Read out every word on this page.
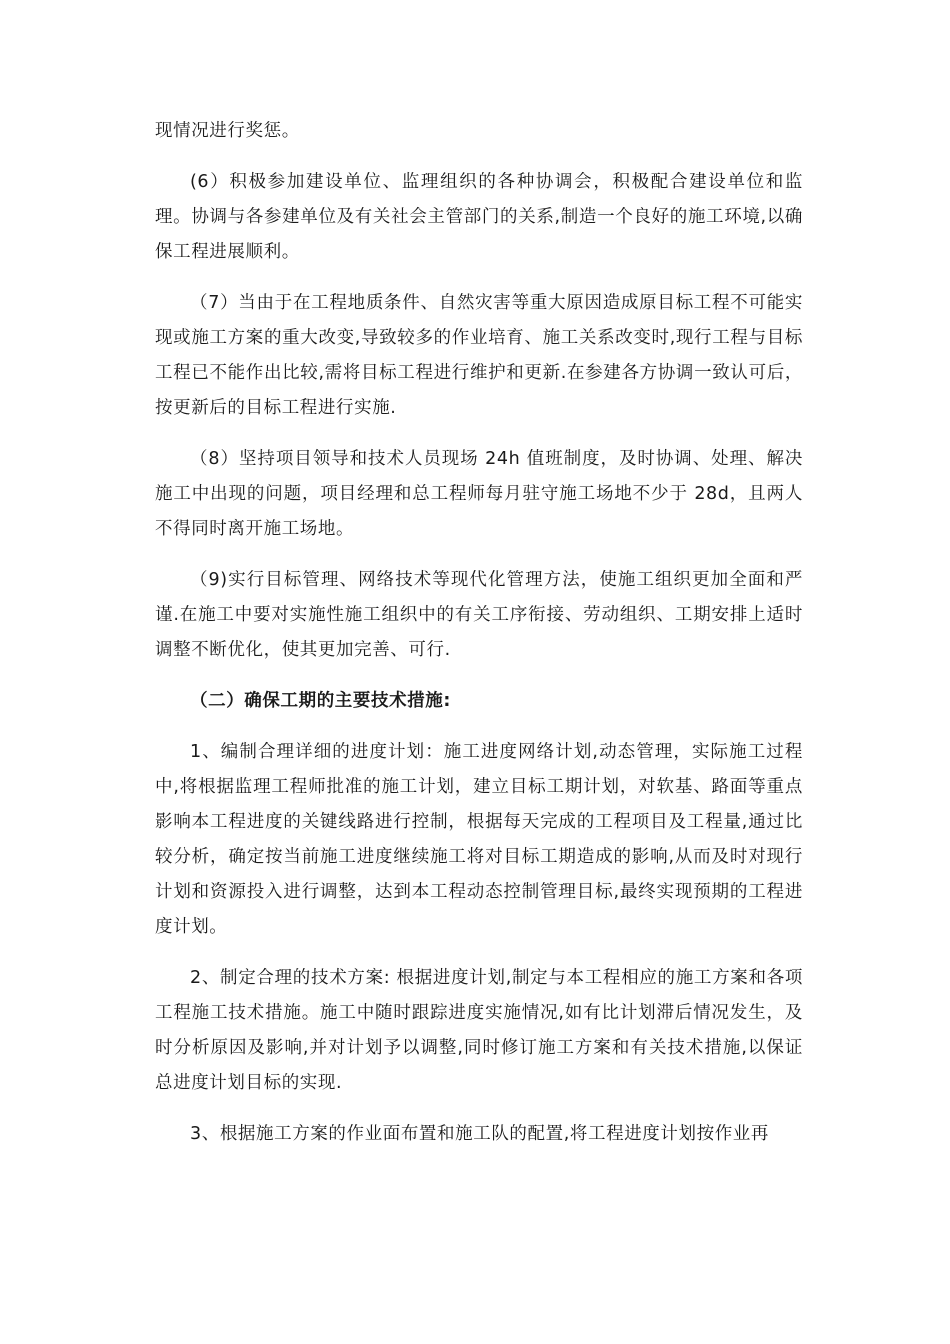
现情况进行奖惩。

(6）积极参加建设单位、监理组织的各种协调会，积极配合建设单位和监理。协调与各参建单位及有关社会主管部门的关系,制造一个良好的施工环境,以确保工程进展顺利。

（7）当由于在工程地质条件、自然灾害等重大原因造成原目标工程不可能实现或施工方案的重大改变,导致较多的作业培育、施工关系改变时,现行工程与目标工程已不能作出比较,需将目标工程进行维护和更新.在参建各方协调一致认可后，按更新后的目标工程进行实施.

（8）坚持项目领导和技术人员现场 24h 值班制度，及时协调、处理、解决施工中出现的问题，项目经理和总工程师每月驻守施工场地不少于 28d，且两人不得同时离开施工场地。

（9)实行目标管理、网络技术等现代化管理方法，使施工组织更加全面和严谨.在施工中要对实施性施工组织中的有关工序衔接、劳动组织、工期安排上适时调整不断优化，使其更加完善、可行.

（二）确保工期的主要技术措施:

1、编制合理详细的进度计划：施工进度网络计划,动态管理，实际施工过程中,将根据监理工程师批准的施工计划，建立目标工期计划，对软基、路面等重点影响本工程进度的关键线路进行控制，根据每天完成的工程项目及工程量,通过比较分析，确定按当前施工进度继续施工将对目标工期造成的影响,从而及时对现行计划和资源投入进行调整，达到本工程动态控制管理目标,最终实现预期的工程进度计划。

2、制定合理的技术方案: 根据进度计划,制定与本工程相应的施工方案和各项工程施工技术措施。施工中随时跟踪进度实施情况,如有比计划滞后情况发生，及时分析原因及影响,并对计划予以调整,同时修订施工方案和有关技术措施,以保证总进度计划目标的实现.

3、根据施工方案的作业面布置和施工队的配置,将工程进度计划按作业再
